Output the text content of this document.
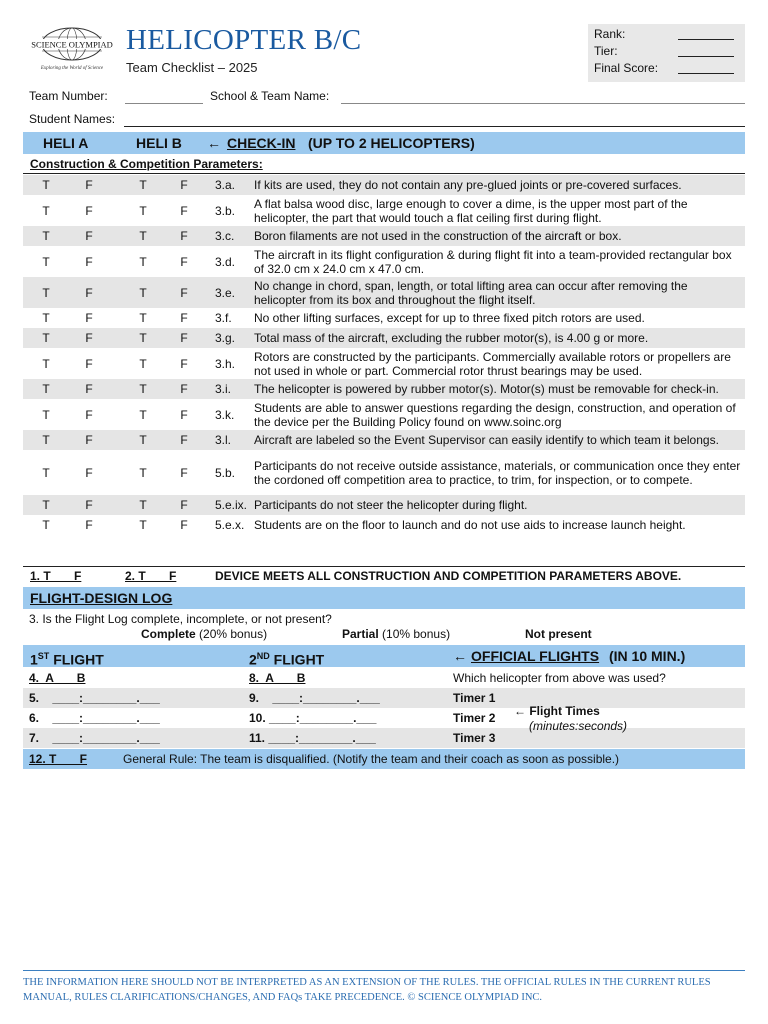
SCIENCE OLYMPIAD
Exploring the World of Science
HELICOPTER B/C
Team Checklist – 2025
Rank:
Tier:
Final Score:
Team Number:	School & Team Name:
Student Names:
HELI A	HELI B ← CHECK-IN (UP TO 2 HELICOPTERS)
Construction & Competition Parameters:
T	F	T	F	3.a. If kits are used, they do not contain any pre-glued joints or pre-covered surfaces.
T	F	T	F	3.b. A flat balsa wood disc, large enough to cover a dime, is the upper most part of the helicopter, the part that would touch a flat ceiling first during flight.
T	F	T	F	3.c. Boron filaments are not used in the construction of the aircraft or box.
T	F	T	F	3.d. The aircraft in its flight configuration & during flight fit into a team-provided rectangular box of 32.0 cm x 24.0 cm x 47.0 cm.
T	F	T	F	3.e. No change in chord, span, length, or total lifting area can occur after removing the helicopter from its box and throughout the flight itself.
T	F	T	F	3.f. No other lifting surfaces, except for up to three fixed pitch rotors are used.
T	F	T	F	3.g. Total mass of the aircraft, excluding the rubber motor(s), is 4.00 g or more.
T	F	T	F	3.h. Rotors are constructed by the participants. Commercially available rotors or propellers are not used in whole or part. Commercial rotor thrust bearings may be used.
T	F	T	F	3.i. The helicopter is powered by rubber motor(s). Motor(s) must be removable for check-in.
T	F	T	F	3.k. Students are able to answer questions regarding the design, construction, and operation of the device per the Building Policy found on www.soinc.org
T	F	T	F	3.l. Aircraft are labeled so the Event Supervisor can easily identify to which team it belongs.
T	F	T	F	5.b. Participants do not receive outside assistance, materials, or communication once they enter the cordoned off competition area to practice, to trim, for inspection, or to compete.
T	F	T	F	5.e.ix. Participants do not steer the helicopter during flight.
T	F	T	F	5.e.x. Students are on the floor to launch and do not use aids to increase launch height.
1. T       F	2. T       F	DEVICE MEETS ALL CONSTRUCTION AND COMPETITION PARAMETERS ABOVE.
FLIGHT-DESIGN LOG
3. Is the Flight Log complete, incomplete, or not present?
Complete (20% bonus)	Partial (10% bonus)	Not present
1ST FLIGHT	2ND FLIGHT	← OFFICIAL FLIGHTS (IN 10 MIN.)
4.  A       B	8.  A       B	Which helicopter from above was used?
5.    ____:________.___	9.    ____:________.___	Timer 1
6.    ____:________.___	10. ____:________.___	Timer 2
7.    ____:________.___	11. ____:________.___	Timer 3
← Flight Times
(minutes:seconds)
12. T       F	General Rule: The team is disqualified. (Notify the team and their coach as soon as possible.)
THE INFORMATION HERE SHOULD NOT BE INTERPRETED AS AN EXTENSION OF THE RULES. THE OFFICIAL RULES IN THE CURRENT RULES MANUAL, RULES CLARIFICATIONS/CHANGES, AND FAQs TAKE PRECEDENCE. © SCIENCE OLYMPIAD INC.
